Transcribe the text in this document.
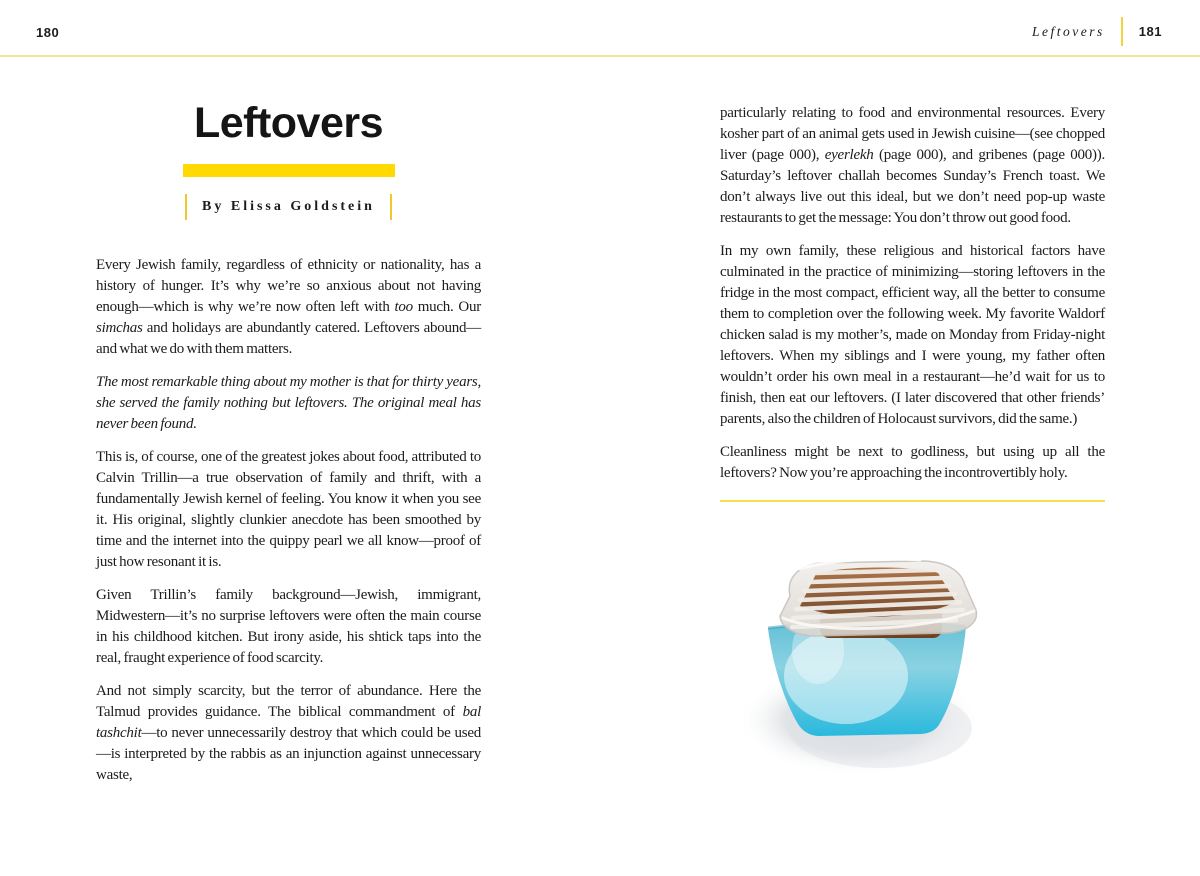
180	Leftovers	181
Leftovers
By Elissa Goldstein

Every Jewish family, regardless of ethnicity or nationality, has a history of hunger. It’s why we’re so anxious about not having enough—which is why we’re now often left with too much. Our simchas and holidays are abundantly catered. Leftovers abound—and what we do with them matters.

The most remarkable thing about my mother is that for thirty years, she served the family nothing but leftovers. The original meal has never been found.

This is, of course, one of the greatest jokes about food, attributed to Calvin Trillin—a true observation of family and thrift, with a fundamentally Jewish kernel of feeling. You know it when you see it. His original, slightly clunkier anecdote has been smoothed by time and the internet into the quippy pearl we all know—proof of just how resonant it is.

Given Trillin’s family background—Jewish, immigrant, Midwestern—it’s no surprise leftovers were often the main course in his childhood kitchen. But irony aside, his shtick taps into the real, fraught experience of food scarcity.

And not simply scarcity, but the terror of abundance. Here the Talmud provides guidance. The biblical commandment of bal tashchit—to never unnecessarily destroy that which could be used—is interpreted by the rabbis as an injunction against unnecessary waste,

particularly relating to food and environmental resources. Every kosher part of an animal gets used in Jewish cuisine—(see chopped liver (page 000), eyerlekh (page 000), and gribenes (page 000)). Saturday’s leftover challah becomes Sunday’s French toast. We don’t always live out this ideal, but we don’t need pop-up waste restaurants to get the message: You don’t throw out good food.

In my own family, these religious and historical factors have culminated in the practice of minimizing—storing leftovers in the fridge in the most compact, efficient way, all the better to consume them to completion over the following week. My favorite Waldorf chicken salad is my mother’s, made on Monday from Friday-night leftovers. When my siblings and I were young, my father often wouldn’t order his own meal in a restaurant—he’d wait for us to finish, then eat our leftovers. (I later discovered that other friends’ parents, also the children of Holocaust survivors, did the same.)

Cleanliness might be next to godliness, but using up all the leftovers? Now you’re approaching the incontrovertibly holy.
